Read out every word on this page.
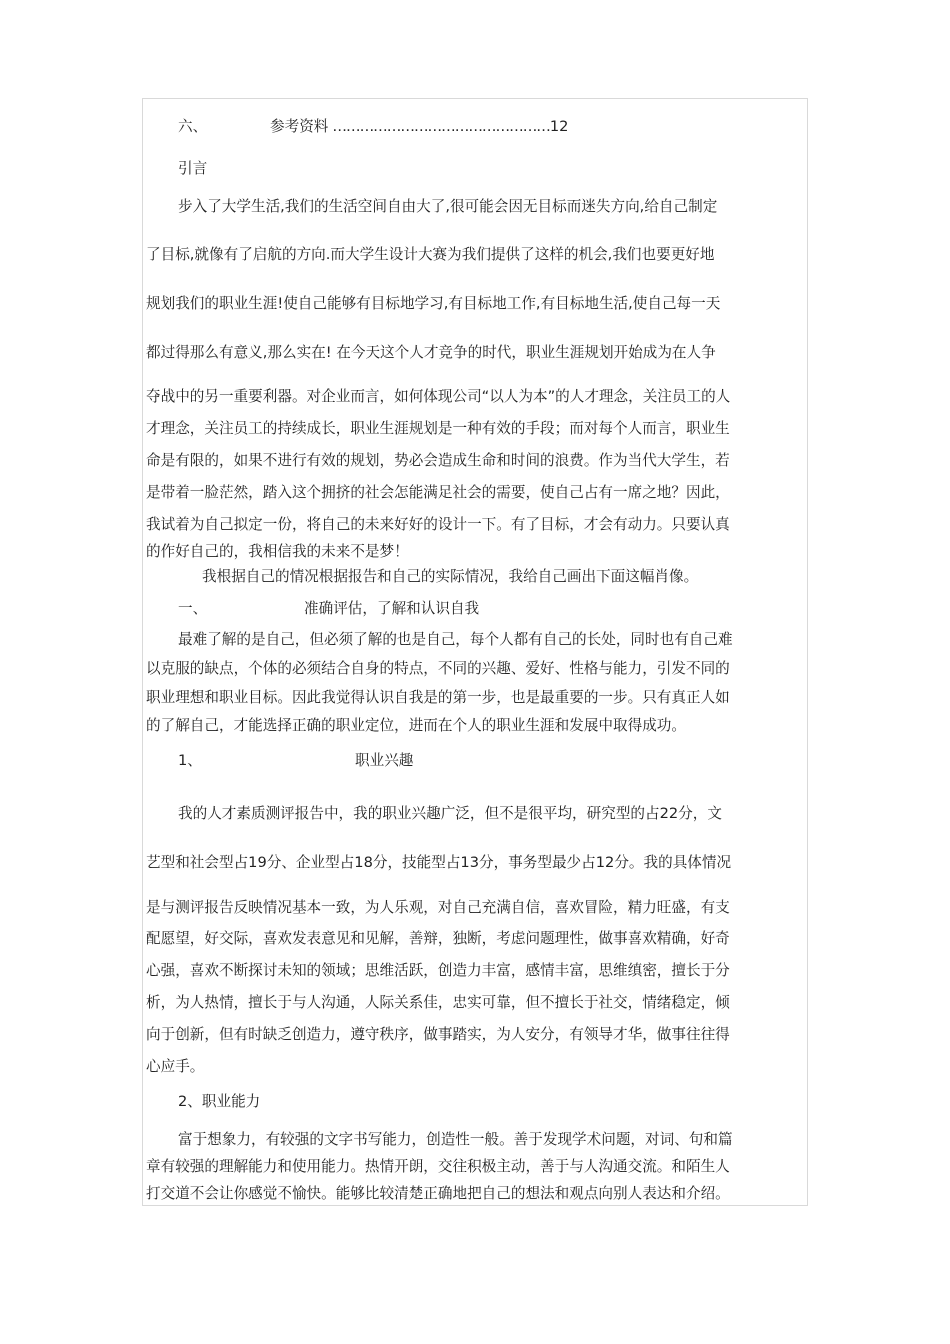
六、	参考资料 …………………………………………12
引言
步入了大学生活,我们的生活空间自由大了,很可能会因无目标而迷失方向,给自己制定
了目标,就像有了启航的方向.而大学生设计大赛为我们提供了这样的机会,我们也要更好地
规划我们的职业生涯!使自己能够有目标地学习,有目标地工作,有目标地生活,使自己每一天
都过得那么有意义,那么实在! 在今天这个人才竞争的时代，职业生涯规划开始成为在人争
夺战中的另一重要利器。对企业而言，如何体现公司“以人为本”的人才理念，关注员工的人
才理念，关注员工的持续成长，职业生涯规划是一种有效的手段；而对每个人而言，职业生
命是有限的，如果不进行有效的规划，势必会造成生命和时间的浪费。作为当代大学生，若
是带着一脸茫然，踏入这个拥挤的社会怎能满足社会的需要，使自己占有一席之地？因此，
我试着为自己拟定一份，将自己的未来好好的设计一下。有了目标，才会有动力。只要认真
的作好自己的，我相信我的未来不是梦！
我根据自己的情况根据报告和自己的实际情况，我给自己画出下面这幅肖像。
一、	准确评估，了解和认识自我
最难了解的是自己，但必须了解的也是自己，每个人都有自己的长处，同时也有自己难
以克服的缺点，个体的必须结合自身的特点，不同的兴趣、爱好、性格与能力，引发不同的
职业理想和职业目标。因此我觉得认识自我是的第一步，也是最重要的一步。只有真正人如
的了解自己，才能选择正确的职业定位，进而在个人的职业生涯和发展中取得成功。
1、	职业兴趣
我的人才素质测评报告中，我的职业兴趣广泛，但不是很平均，研究型的占22分，文
艺型和社会型占19分、企业型占18分，技能型占13分，事务型最少占12分。我的具体情况
是与测评报告反映情况基本一致，为人乐观，对自己充满自信，喜欢冒险，精力旺盛，有支
配愿望，好交际，喜欢发表意见和见解，善辩，独断，考虑问题理性，做事喜欢精确，好奇
心强，喜欢不断探讨未知的领域；思维活跃，创造力丰富，感情丰富，思维缜密，擅长于分
析，为人热情，擅长于与人沟通，人际关系佳，忠实可靠，但不擅长于社交，情绪稳定，倾
向于创新，但有时缺乏创造力，遵守秩序，做事踏实，为人安分，有领导才华，做事往往得
心应手。
2、职业能力
富于想象力，有较强的文字书写能力，创造性一般。善于发现学术问题，对词、句和篇
章有较强的理解能力和使用能力。热情开朗，交往积极主动，善于与人沟通交流。和陌生人
打交道不会让你感觉不愉快。能够比较清楚正确地把自己的想法和观点向别人表达和介绍。
